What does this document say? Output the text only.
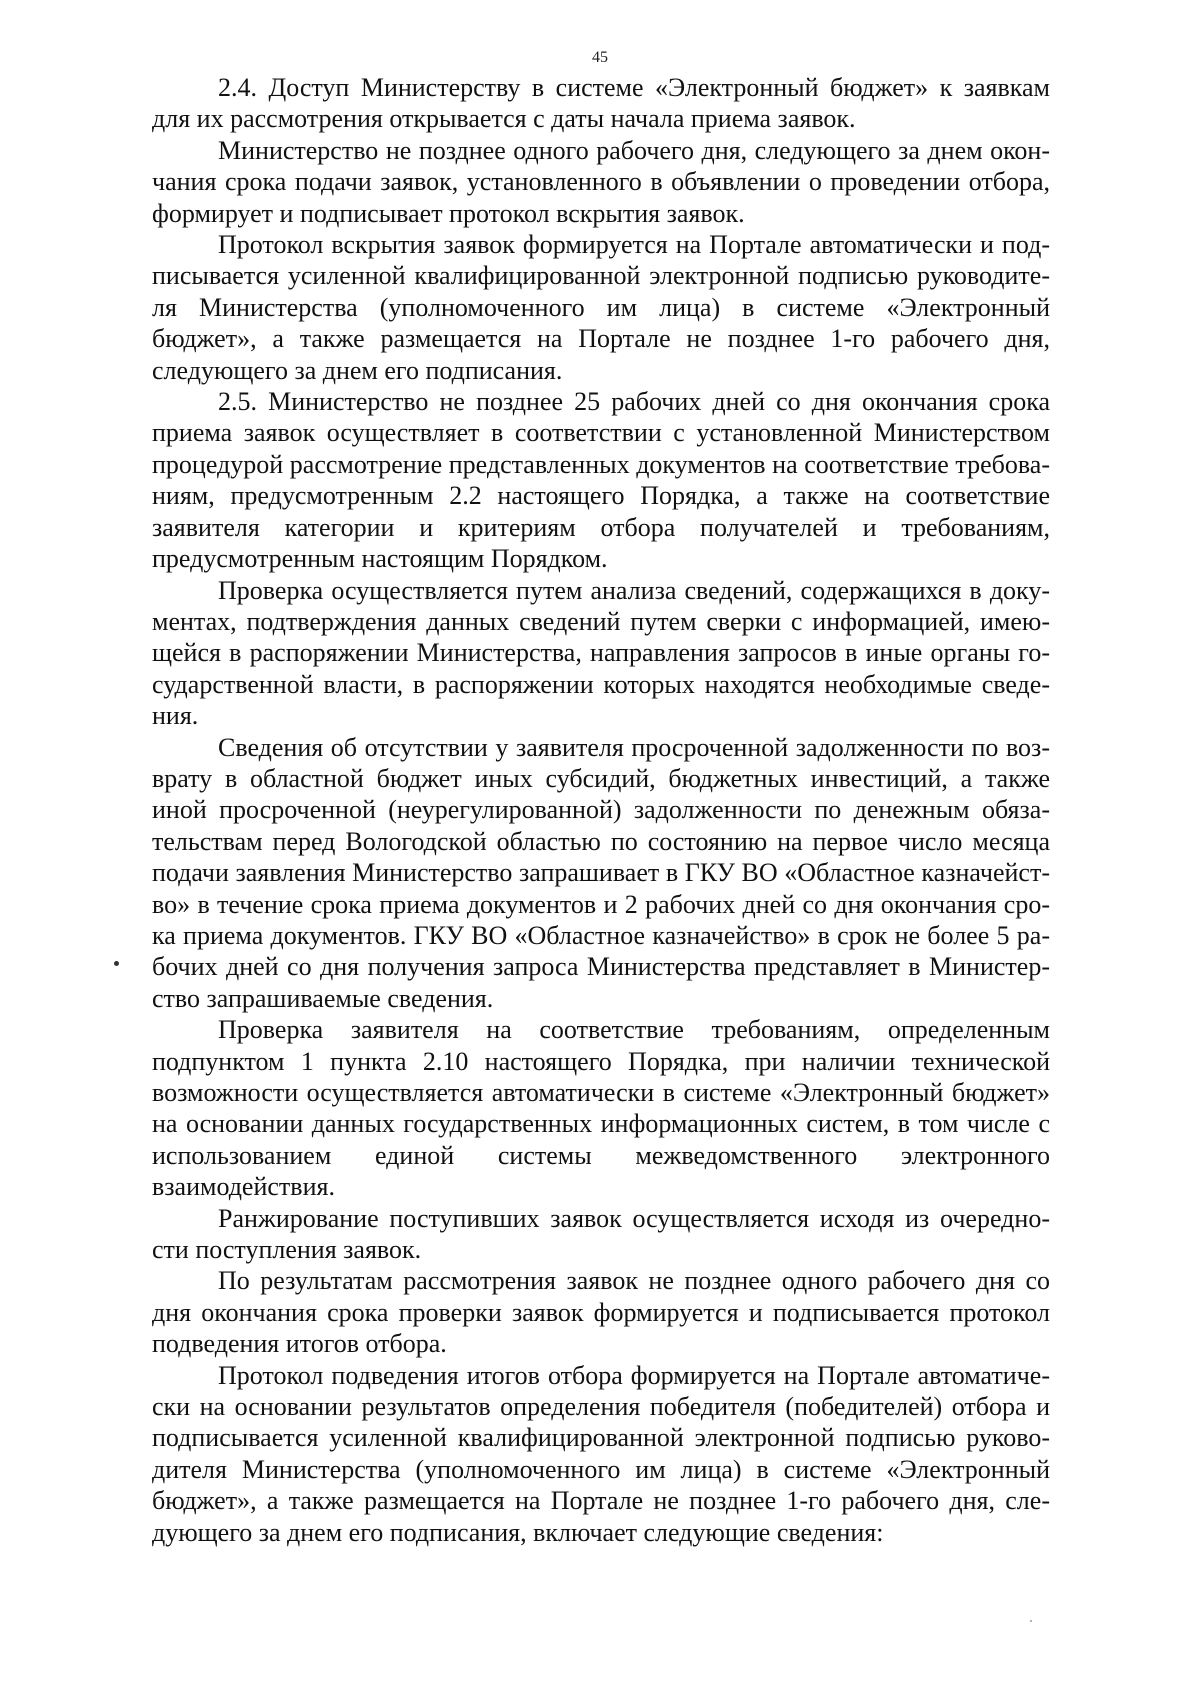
45

2.4. Доступ Министерству в системе «Электронный бюджет» к заявкам для их рассмотрения открывается с даты начала приема заявок.

Министерство не позднее одного рабочего дня, следующего за днем окончания срока подачи заявок, установленного в объявлении о проведении отбора, формирует и подписывает протокол вскрытия заявок.

Протокол вскрытия заявок формируется на Портале автоматически и подписывается усиленной квалифицированной электронной подписью руководителя Министерства (уполномоченного им лица) в системе «Электронный бюджет», а также размещается на Портале не позднее 1-го рабочего дня, следующего за днем его подписания.

2.5. Министерство не позднее 25 рабочих дней со дня окончания срока приема заявок осуществляет в соответствии с установленной Министерством процедурой рассмотрение представленных документов на соответствие требованиям, предусмотренным 2.2 настоящего Порядка, а также на соответствие заявителя категории и критериям отбора получателей и требованиям, предусмотренным настоящим Порядком.

Проверка осуществляется путем анализа сведений, содержащихся в документах, подтверждения данных сведений путем сверки с информацией, имеющейся в распоряжении Министерства, направления запросов в иные органы государственной власти, в распоряжении которых находятся необходимые сведения.

Сведения об отсутствии у заявителя просроченной задолженности по возврату в областной бюджет иных субсидий, бюджетных инвестиций, а также иной просроченной (неурегулированной) задолженности по денежным обязательствам перед Вологодской областью по состоянию на первое число месяца подачи заявления Министерство запрашивает в ГКУ ВО «Областное казначейство» в течение срока приема документов и 2 рабочих дней со дня окончания срока приема документов. ГКУ ВО «Областное казначейство» в срок не более 5 рабочих дней со дня получения запроса Министерства представляет в Министерство запрашиваемые сведения.

Проверка заявителя на соответствие требованиям, определенным подпунктом 1 пункта 2.10 настоящего Порядка, при наличии технической возможности осуществляется автоматически в системе «Электронный бюджет» на основании данных государственных информационных систем, в том числе с использованием единой системы межведомственного электронного взаимодействия.

Ранжирование поступивших заявок осуществляется исходя из очередности поступления заявок.

По результатам рассмотрения заявок не позднее одного рабочего дня со дня окончания срока проверки заявок формируется и подписывается протокол подведения итогов отбора.

Протокол подведения итогов отбора формируется на Портале автоматически на основании результатов определения победителя (победителей) отбора и подписывается усиленной квалифицированной электронной подписью руководителя Министерства (уполномоченного им лица) в системе «Электронный бюджет», а также размещается на Портале не позднее 1-го рабочего дня, следующего за днем его подписания, включает следующие сведения:
